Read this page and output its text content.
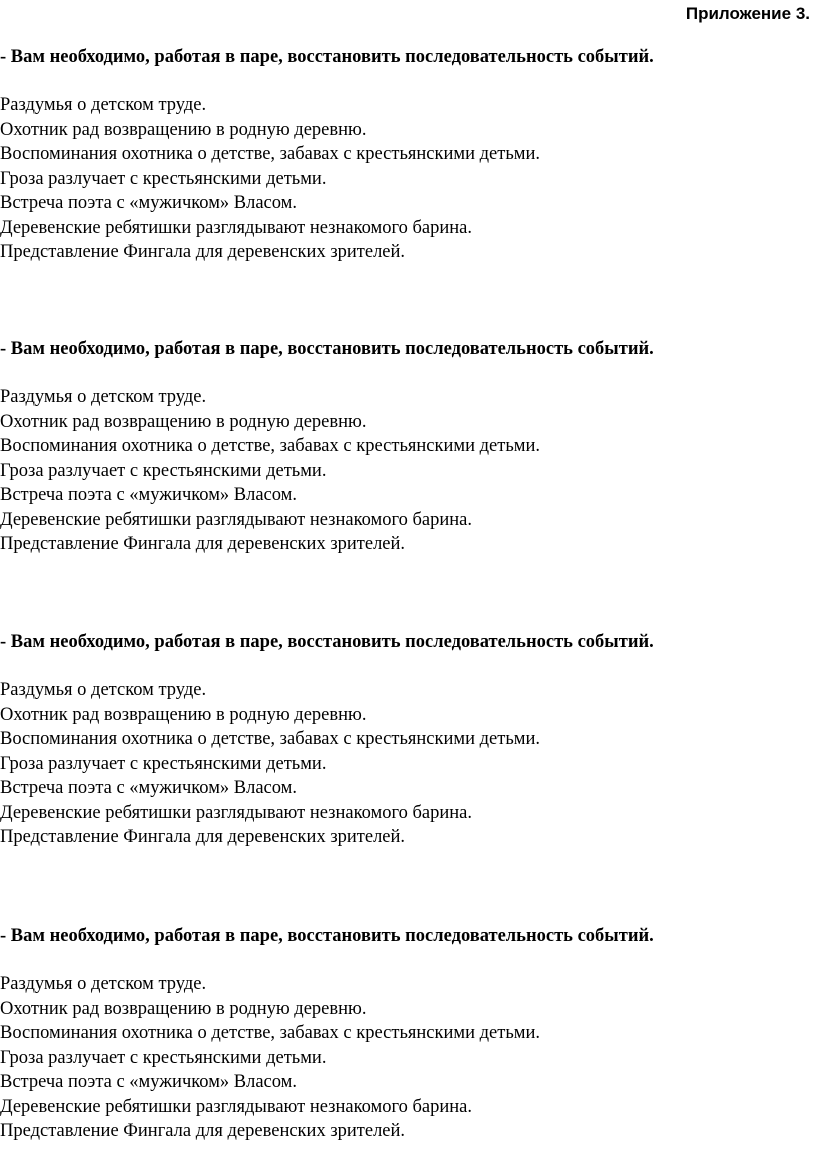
Приложение 3.

- Вам необходимо, работая в паре, восстановить последовательность событий.

Раздумья о детском труде.
Охотник рад возвращению в родную деревню.
Воспоминания охотника о детстве, забавах с крестьянскими детьми.
Гроза разлучает с крестьянскими детьми.
Встреча поэта с «мужичком» Власом.
Деревенские ребятишки разглядывают незнакомого барина.
Представление Фингала для деревенских зрителей.

- Вам необходимо, работая в паре, восстановить последовательность событий.

Раздумья о детском труде.
Охотник рад возвращению в родную деревню.
Воспоминания охотника о детстве, забавах с крестьянскими детьми.
Гроза разлучает с крестьянскими детьми.
Встреча поэта с «мужичком» Власом.
Деревенские ребятишки разглядывают незнакомого барина.
Представление Фингала для деревенских зрителей.

- Вам необходимо, работая в паре, восстановить последовательность событий.

Раздумья о детском труде.
Охотник рад возвращению в родную деревню.
Воспоминания охотника о детстве, забавах с крестьянскими детьми.
Гроза разлучает с крестьянскими детьми.
Встреча поэта с «мужичком» Власом.
Деревенские ребятишки разглядывают незнакомого барина.
Представление Фингала для деревенских зрителей.

- Вам необходимо, работая в паре, восстановить последовательность событий.

Раздумья о детском труде.
Охотник рад возвращению в родную деревню.
Воспоминания охотника о детстве, забавах с крестьянскими детьми.
Гроза разлучает с крестьянскими детьми.
Встреча поэта с «мужичком» Власом.
Деревенские ребятишки разглядывают незнакомого барина.
Представление Фингала для деревенских зрителей.
